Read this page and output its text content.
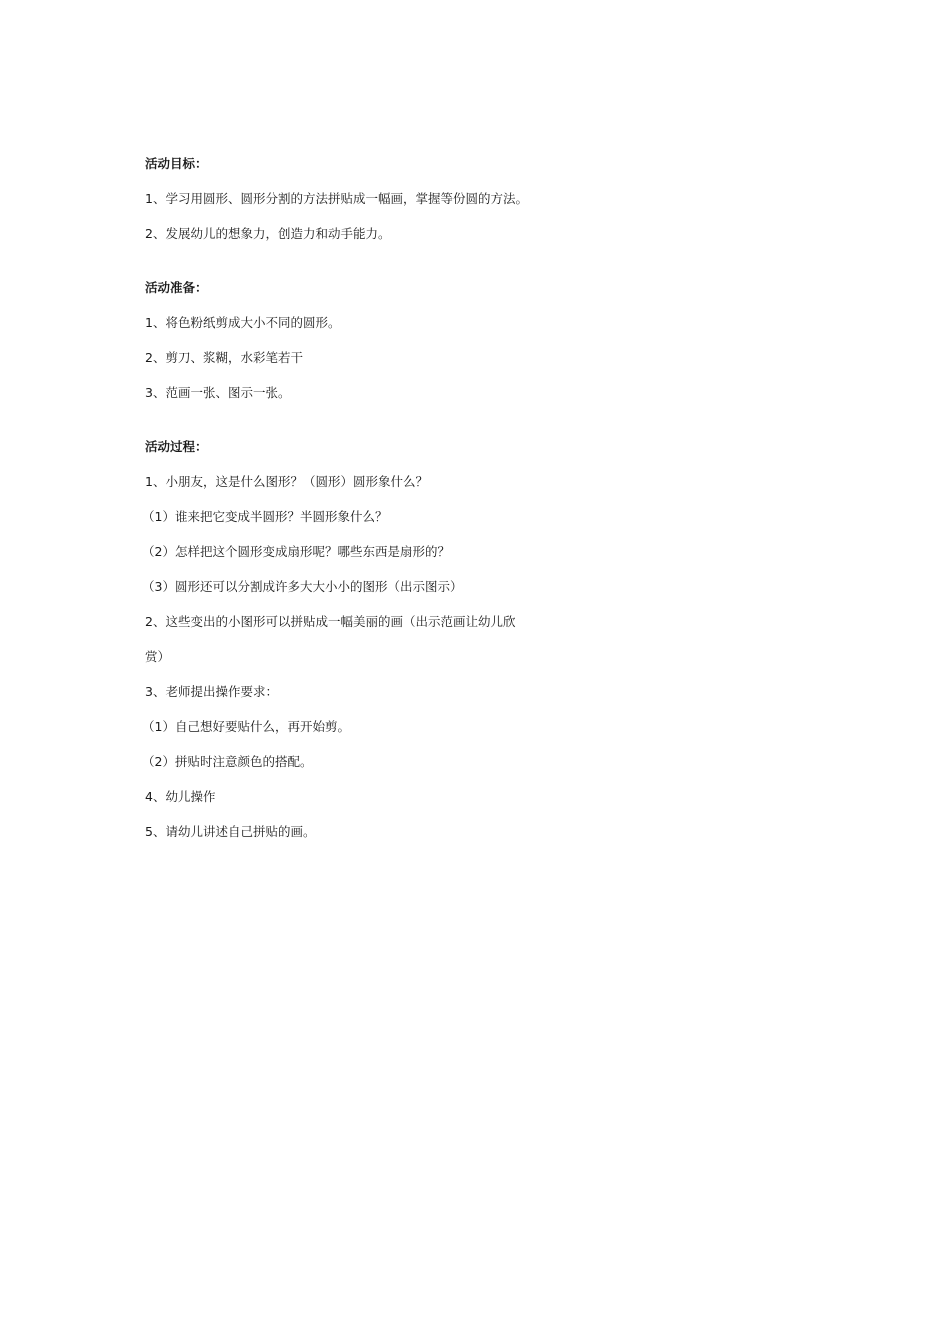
活动目标：

1、学习用圆形、圆形分割的方法拼贴成一幅画，掌握等份圆的方法。

2、发展幼儿的想象力，创造力和动手能力。

活动准备：

1、将色粉纸剪成大小不同的圆形。

2、剪刀、浆糊，水彩笔若干

3、范画一张、图示一张。

活动过程：

1、小朋友，这是什么图形？（圆形）圆形象什么？

（1）谁来把它变成半圆形？半圆形象什么？

（2）怎样把这个圆形变成扇形呢？哪些东西是扇形的？

（3）圆形还可以分割成许多大大小小的图形（出示图示）

2、这些变出的小图形可以拼贴成一幅美丽的画（出示范画让幼儿欣

赏）

3、老师提出操作要求：

（1）自己想好要贴什么，再开始剪。

（2）拼贴时注意颜色的搭配。

4、幼儿操作

5、请幼儿讲述自己拼贴的画。
